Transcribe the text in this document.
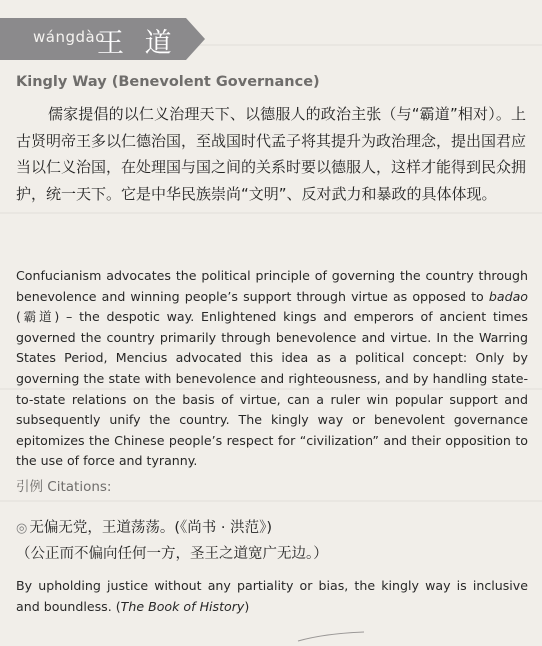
wángdào
王 道
Kingly Way (Benevolent Governance)
儒家提倡的以仁义治理天下、以德服人的政治主张（与“霸道”相对）。上古贤明帝王多以仁德治国，至战国时代孟子将其提升为政治理念，提出国君应当以仁义治国，在处理国与国之间的关系时要以德服人，这样才能得到民众拥护，统一天下。它是中华民族崇尚“文明”、反对武力和暴政的具体体现。
Confucianism advocates the political principle of governing the country through benevolence and winning people’s support through virtue as opposed to badao (霸道) – the despotic way. Enlightened kings and emperors of ancient times governed the country primarily through benevolence and virtue. In the Warring States Period, Mencius advocated this idea as a political concept: Only by governing the state with benevolence and righteousness, and by handling state-to-state relations on the basis of virtue, can a ruler win popular support and subsequently unify the country. The kingly way or benevolent governance epitomizes the Chinese people’s respect for “civilization” and their opposition to the use of force and tyranny.
引例 Citations:
◎ 无偏无党，王道荡荡。(《尚书 · 洪范》)
（公正而不偏向任何一方，圣王之道宽广无边。）
By upholding justice without any partiality or bias, the kingly way is inclusive and boundless. (The Book of History)
